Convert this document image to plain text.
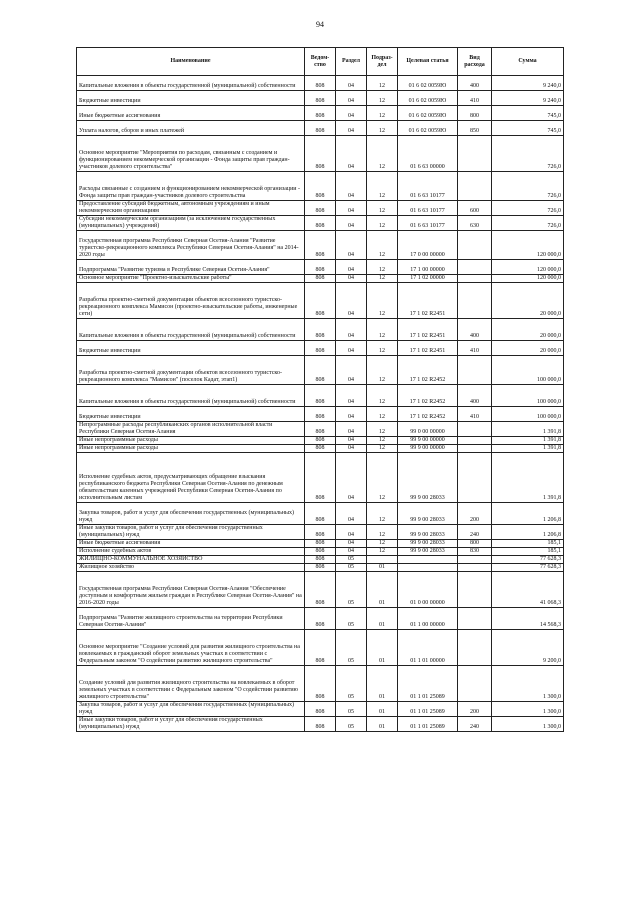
94
Наименование	Ведом-ство	Раздел	Подраз-дел	Целевая статья	Вид расхода	Сумма
Капитальные вложения в объекты государственной (муниципальной) собственности	808	04	12	01 6 02 0059Ю	400	9 240,0
Бюджетные инвестиции	808	04	12	01 6 02 0059Ю	410	9 240,0
Иные бюджетные ассигнования	808	04	12	01 6 02 0059Ю	800	745,0
Уплата налогов, сборов и иных платежей	808	04	12	01 6 02 0059Ю	850	745,0
Основное мероприятие "Мероприятия по расходам, связанным с созданием и функционированием некоммерческой организации - Фонда защиты прав граждан-участников долевого строительства"	808	04	12	01 6 63 00000		726,0
Расходы связанные с созданием и функционированием некоммерческой организации - Фонда защиты прав граждан-участников долевого строительства	808	04	12	01 6 63 10177		726,0
Предоставление субсидий бюджетным, автономным учреждениям и иным некоммерческим организациям	808	04	12	01 6 63 10177	600	726,0
Субсидии некоммерческим организациям (за исключением государственных (муниципальных) учреждений)	808	04	12	01 6 63 10177	630	726,0
Государственная программа Республики Северная Осетия-Алания "Развитие туристско-рекреационного комплекса Республики Северная Осетия-Алания" на 2014-2020 годы	808	04	12	17 0 00 00000		120 000,0
Подпрограмма "Развитие туризма в Республике Северная Осетия-Алания"	808	04	12	17 1 00 00000		120 000,0
Основное мероприятие "Проектно-изыскательские работы"	808	04	12	17 1 02 00000		120 000,0
Разработка проектно-сметной документации объектов всесезонного туристско-рекреационного комплекса Мамисон (проектно-изыскательские работы, инженерные сети)	808	04	12	17 1 02 R2451		20 000,0
Капитальные вложения в объекты государственной (муниципальной) собственности	808	04	12	17 1 02 R2451	400	20 000,0
Бюджетные инвестиции	808	04	12	17 1 02 R2451	410	20 000,0
Разработка проектно-сметной документации объектов всесезонного туристско-рекреационного комплекса "Мамисон" (поселок Кадат, этап1)	808	04	12	17 1 02 R2452		100 000,0
Капитальные вложения в объекты государственной (муниципальной) собственности	808	04	12	17 1 02 R2452	400	100 000,0
Бюджетные инвестиции	808	04	12	17 1 02 R2452	410	100 000,0
Непрограммные расходы республиканских органов исполнительной власти Республики Северная Осетия-Алания	808	04	12	99 0 00 00000		1 391,8
Иные непрограммные расходы	808	04	12	99 9 00 00000		1 391,8
Иные непрограммные расходы	808	04	12	99 9 00 00000		1 391,8
Исполнение судебных актов, предусматривающих обращение взыскания республиканского бюджета Республики Северная Осетия-Алания по денежным обязательствам казенных учреждений Республики Северная Осетия-Алания по исполнительным листам	808	04	12	99 9 00 28033		1 391,8
Закупка товаров, работ и услуг для обеспечения государственных (муниципальных) нужд	808	04	12	99 9 00 28033	200	1 206,8
Иные закупки товаров, работ и услуг для обеспечения государственных (муниципальных) нужд	808	04	12	99 9 00 28033	240	1 206,8
Иные бюджетные ассигнования	808	04	12	99 9 00 28033	800	185,1
Исполнение судебных актов	808	04	12	99 9 00 28033	830	185,1
ЖИЛИЩНО-КОММУНАЛЬНОЕ ХОЗЯЙСТВО	808	05				77 628,3
Жилищное хозяйство	808	05	01			77 628,3
Государственная программа Республики Северная Осетия-Алания "Обеспечение доступным и комфортным жильем граждан в Республике Северная Осетия-Алания" на 2016-2020 годы	808	05	01	01 0 00 00000		41 068,3
Подпрограмма "Развитие жилищного строительства на территории Республики Северная Осетия-Алания"	808	05	01	01 1 00 00000		14 568,3
Основное мероприятие "Создание условий для развития жилищного строительства на вовлекаемых в гражданский оборот земельных участках в соответствии с Федеральным законом "О содействии развитию жилищного строительства"	808	05	01	01 1 01 00000		9 200,0
Создание условий для развития жилищного строительства на вовлекаемых в оборот земельных участках в соответствии с Федеральным законом "О содействии развитию жилищного строительства"	808	05	01	01 1 01 25089		1 300,0
Закупка товаров, работ и услуг для обеспечения государственных (муниципальных) нужд	808	05	01	01 1 01 25089	200	1 300,0
Иные закупки товаров, работ и услуг для обеспечения государственных (муниципальных) нужд	808	05	01	01 1 01 25089	240	1 300,0
